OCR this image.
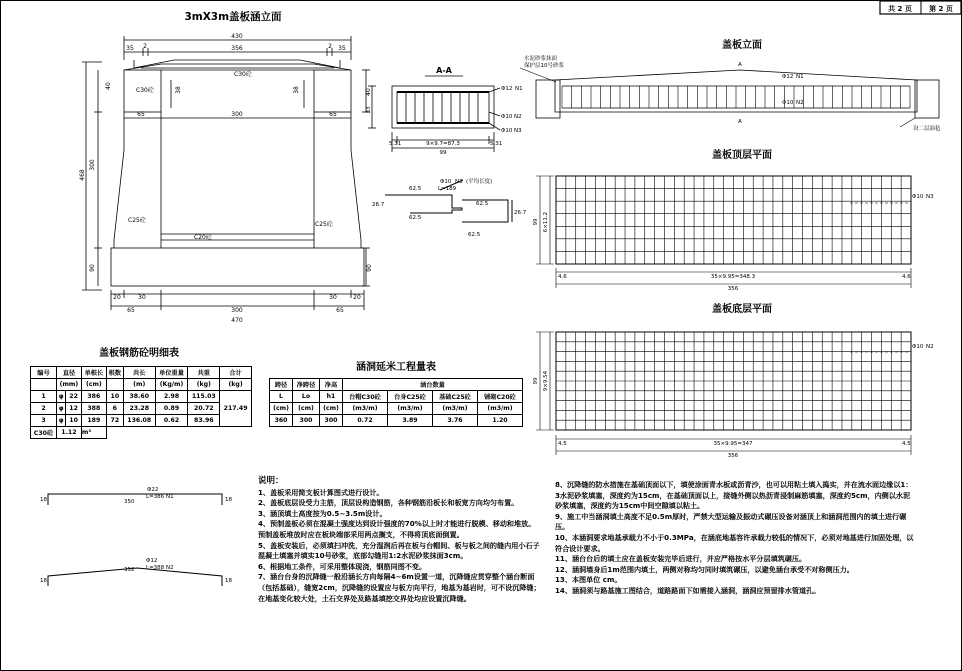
共 2 页 第 2 页
3mX3m盖板涵立面
430
35 2	356	2 35
40
40
300
468
90	90
38	38
65	300	65
20	30
65	300	65
30	20
470
C30砼
C30砼
C25砼
C25砼
C20砼
A-A
33
5.31	9×9.7=87.3
99
5.31
Φ12 N1
Φ10 N2
Φ10 N3
Φ10 N3 (平均长度)
L=189
62.5
26.7
62.5
62.5
26.7
62.5
盖板立面
水泥砂浆抹面
保护层10号砂浆	A
A
Φ12 N1
Φ10 N2
设二层油毡
盖板顶层平面
Φ10 N3
4.6	35×9.95=348.3	4.6
356
99 6×11.2
盖板底层平面
Φ10 N2
4.5	35×9.95=347	4.5
356
99 9×9.54
盖板钢筋砼明细表
涵洞延米工程量表
Φ22
L=386 N1
18	350	18
Φ12
L=388 N2
18
352
18
编号	直径		单根长	根数	共长	单位重量	共重	合计
	(mm)		(cm)		(m)	(Kg/m)	(kg)	(kg)
1	φ	22	386	10	38.60	2.98	115.03	217.49
2	φ	12	388	6	23.28	0.89	20.72	
3	φ	10	189	72	136.08	0.62	83.96	
C30砼	1.12		m³					
跨径	净跨径	净高	涵台数量			
L	Lo	h1	台帽C30砼	台身C25砼	基础C25砼	铺砌C20砼
(cm)	(cm)	(cm)	(m3/m)	(m3/m)	(m3/m)	(m3/m)
360	300	300	0.72	3.89	3.76	1.20
说明：

1、盖板采用简支板计算图式进行设计。

2、盖板底层设受力主筋，顶层设构造钢筋，各种钢筋沿板长和板宽方向均匀布置。

3、涵顶填土高度按为0.5~3.5m设计。

4、预制盖板必须在混凝土强度达到设计强度的70%以上时才能进行脱模、移动和堆放。预制盖板堆放时应在板块端部采用两点搁支，不得将顶底面倒置。

5、盖板安装后，必须填扫冲洗，充分湿润后再在板与台帽间、板与板之间的缝内用小石子混凝土填塞并填实10号砂浆，底部勾缝用1:2水泥砂浆抹面3cm。

6、根据地工条件，可采用整体现浇，钢筋同图不变。

7、涵台台身的沉降缝一般沿涵长方向每隔4~6m设置一道，沉降缝应贯穿整个涵台断面（包括基础），缝宽2cm，沉降缝的设置应与板方向平行，地基为基岩时，可不设沉降缝；在地基变化较大处，土石交界处及路基填挖交界处均应设置沉降缝。

8、沉降缝的防水措施在基础顶面以下，填使涂面青水板或沥青沙，也可以用粘土填入捣实，并在流水面边缘以1：3水泥砂浆填塞，深度约为15cm，在基础顶面以上，接缝外侧以热沥青浸制麻筋填塞，深度约5cm，内侧以水泥砂浆填塞，深度约为15cm中间空隙填以粘土。

9、施工中当涵洞填土高度不足0.5m厚时，严禁大型运输及振动式碾压设备对涵顶上和涵洞范围内的填土进行碾压。

10、本涵洞要求地基承载力不小于0.3MPa，在涵底地基容许承载力较低的情况下，必须对地基进行加固处理，以符合设计要求。

11、涵台台后的填土应在盖板安装完毕后进行，并应严格按水平分层填筑碾压。

12、涵洞墙身后1m范围内填土，两侧对称均匀同时填筑碾压，以避免涵台承受不对称侧压力。

13、本图单位 cm。

14、涵洞须与路基施工图结合，道路路面下如需接入涵洞，涵洞应预留排水管道孔。
